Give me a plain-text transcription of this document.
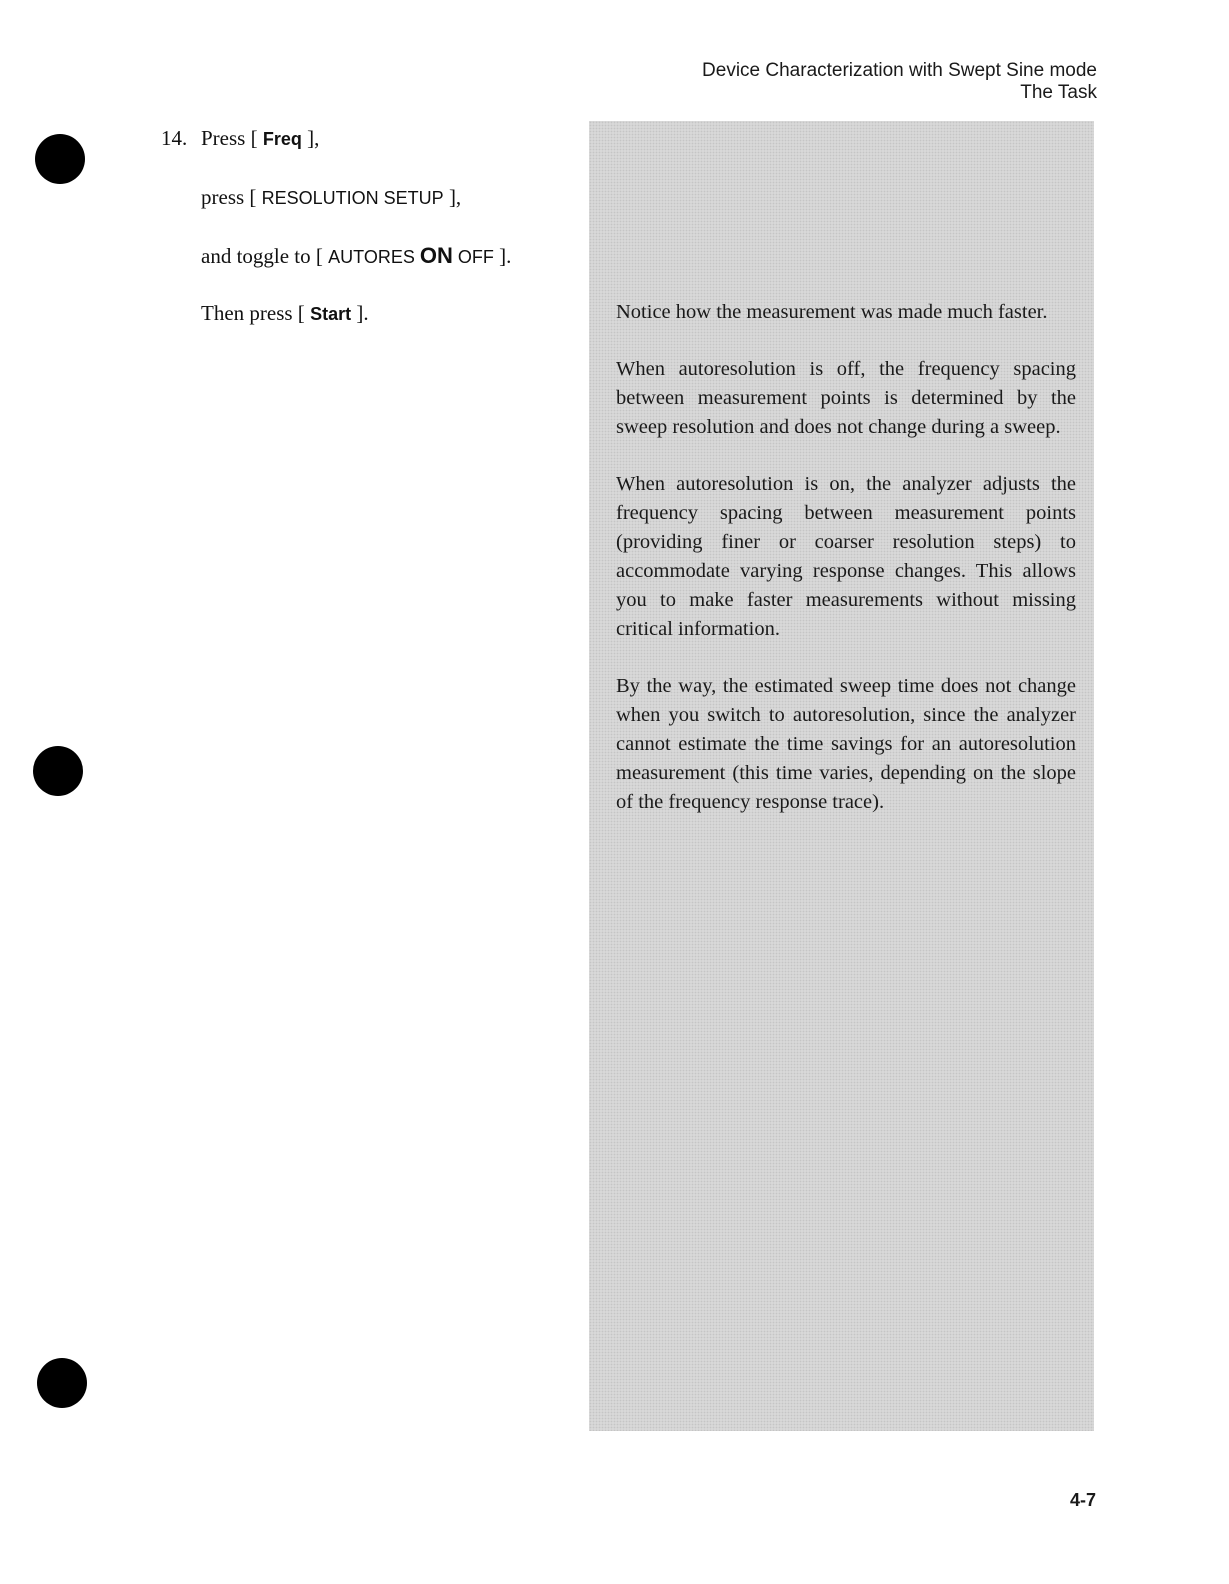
Device Characterization with Swept Sine mode
The Task
14. Press [ Freq ],
press [ RESOLUTION SETUP ],
and toggle to [ AUTORES ON OFF ].
Then press [ Start ].	Notice how the measurement was made much faster.

When autoresolution is off, the frequency spacing between measurement points is determined by the sweep resolution and does not change during a sweep.

When autoresolution is on, the analyzer adjusts the frequency spacing between measurement points (providing finer or coarser resolution steps) to accommodate varying response changes. This allows you to make faster measurements without missing critical information.

By the way, the estimated sweep time does not change when you switch to autoresolution, since the analyzer cannot estimate the time savings for an autoresolution measurement (this time varies, depending on the slope of the frequency response trace).

4-7
